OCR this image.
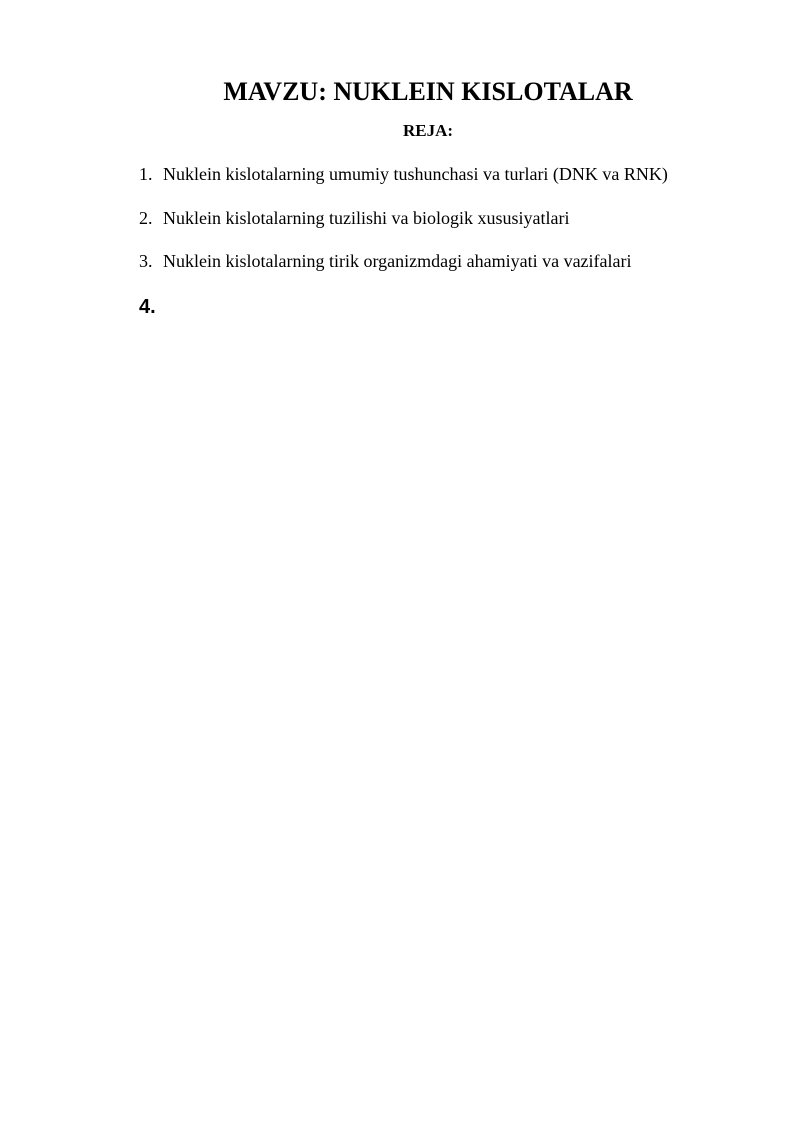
MAVZU: NUKLEIN KISLOTALAR
REJA:
1. Nuklein kislotalarning umumiy tushunchasi va turlari (DNK va RNK)
2. Nuklein kislotalarning tuzilishi va biologik xususiyatlari
3. Nuklein kislotalarning tirik organizmdagi ahamiyati va vazifalari
4.
